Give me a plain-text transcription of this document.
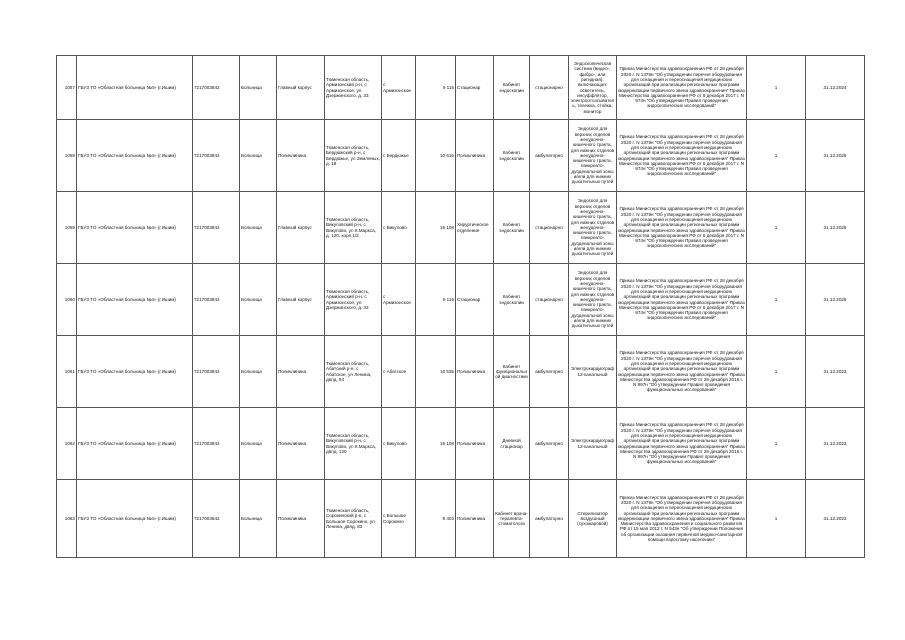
1057	ГБУЗ ТО «Областная больница №4» (г.Ишим)	7217003842	Больница	Главный корпус	Тюменская область, Армизонский р-н, с Армизонское, ул Дзержинского, д. 33	с Армизонское	9 116	Стационар	Кабинет эндоскопии	стационарно	Эндоскопическая система (видео-, фибро-, или ригидная), включающая: осветитель, инсуффлятор, электроотсасыватель, тележка, стойка, монитор	Приказ Министерства здравоохранения РФ от 28 декабря 2020 г. N 1379н "Об утверждении перечня оборудования для оснащения и переоснащения медицинских организаций при реализации региональных программ модернизации первичного звена здравоохранения" Приказ Министерства здравоохранения РФ от 6 декабря 2017 г. N 974н "Об утверждении Правил проведения эндоскопических исследований"	1	31.12.2024

1058	ГБУЗ ТО «Областная больница №4» (г.Ишим)	7217003842	Больница	Поликлиника	Тюменская область, Бердюжский р-н, с Бердюжье, ул Земляных, д. 18	с Бердюжье	10 616	Поликлиника	Кабинет эндоскопии	амбулаторно	Эндоскоп для верхних отделов желудочно-кишечного тракта, для нижних отделов желудочно-кишечного тракта, панкреато-дуоденальной зоны и/или для нижних дыхательных путей	Приказ Министерства здравоохранения РФ от 28 декабря 2020 г. N 1379н "Об утверждении перечня оборудования для оснащения и переоснащения медицинских организаций при реализации региональных программ модернизации первичного звена здравоохранения" Приказ Министерства здравоохранения РФ от 6 декабря 2017 г. N 974н "Об утверждении Правил проведения эндоскопических исследований"	1	31.12.2025

1059	ГБУЗ ТО «Областная больница №4» (г.Ишим)	7217003842	Больница	Главный корпус	Тюменская область, Викуловский р-н, с Викулово, ул К.Маркса, д. 120, корп.1/2	с Викулово	15 108	Хирургическое отделение	Кабинет эндоскопии	стационарно	Эндоскоп для верхних отделов желудочно-кишечного тракта, для нижних отделов желудочно-кишечного тракта, панкреато-дуоденальной зоны и/или для нижних дыхательных путей	Приказ Министерства здравоохранения РФ от 28 декабря 2020 г. N 1379н "Об утверждении перечня оборудования для оснащения и переоснащения медицинских организаций при реализации региональных программ модернизации первичного звена здравоохранения" Приказ Министерства здравоохранения РФ от 6 декабря 2017 г. N 974н "Об утверждении Правил проведения эндоскопических исследований"	1	31.12.2025

1060	ГБУЗ ТО «Областная больница №4» (г.Ишим)	7217003842	Больница	Главный корпус	Тюменская область, Армизонский р-н, с Армизонское, ул Дзержинского, д. 33	с Армизонское	9 116	Стационар	Кабинет эндоскопии	стационарно	Эндоскоп для верхних отделов желудочно-кишечного тракта, для нижних отделов желудочно-кишечного тракта, панкреато-дуоденальной зоны и/или для нижних дыхательных путей	Приказ Министерства здравоохранения РФ от 28 декабря 2020 г. N 1379н "Об утверждении перечня оборудования для оснащения и переоснащения медицинских организаций при реализации региональных программ модернизации первичного звена здравоохранения" Приказ Министерства здравоохранения РФ от 6 декабря 2017 г. N 974н "Об утверждении Правил проведения эндоскопических исследований"	1	31.12.2025

1061	ГБУЗ ТО «Областная больница №4» (г.Ишим)	7217003842	Больница	Поликлиника	Тюменская область, Абатский р-н, с Абатское, ул Ленина, двлд. 54	с Абатское	16 535	Поликлиника	Кабинет функциональной диагностики	амбулаторно	Электрокардиограф 12-канальный	Приказ Министерства здравоохранения РФ от 28 декабря 2020 г. N 1379н "Об утверждении перечня оборудования для оснащения и переоснащения медицинских организаций при реализации региональных программ модернизации первичного звена здравоохранения" Приказ Министерства здравоохранения РФ от 26 декабря 2016 г. N 997н "Об утверждении Правил проведения функциональных исследований"	1	31.12.2023

1062	ГБУЗ ТО «Областная больница №4» (г.Ишим)	7217003842	Больница	Поликлиника	Тюменская область, Викуловский р-н, с Викулово, ул К.Маркса, двлд. 120	с Викулово	15 108	Поликлиника	Дневной стационар	амбулаторно	Электрокардиограф 12-канальный	Приказ Министерства здравоохранения РФ от 28 декабря 2020 г. N 1379н "Об утверждении перечня оборудования для оснащения и переоснащения медицинских организаций при реализации региональных программ модернизации первичного звена здравоохранения" Приказ Министерства здравоохранения РФ от 26 декабря 2016 г. N 997н "Об утверждении Правил проведения функциональных исследований"	1	31.12.2023

1063	ГБУЗ ТО «Областная больница №4» (г.Ишим)	7217003842	Больница	Поликлиника	Тюменская область, Сорокинский р-н, с Большое Сорокино, ул Ленина, двлд. 83	с Большое Сорокино	8 403	Поликлиника	Кабинет врача-терапевта-стоматолога	амбулаторно	Стерилизатор воздушный (сухожаровой)	Приказ Министерства здравоохранения РФ от 28 декабря 2020 г. N 1379н "Об утверждении перечня оборудования для оснащения и переоснащения медицинских организаций при реализации региональных программ модернизации первичного звена здравоохранения" Приказ Министерства здравоохранения и социального развития РФ от 15 мая 2012 г. N 543н "Об утверждении Положения об организации оказания первичной медико-санитарной помощи взрослому населению"	1	31.12.2023
